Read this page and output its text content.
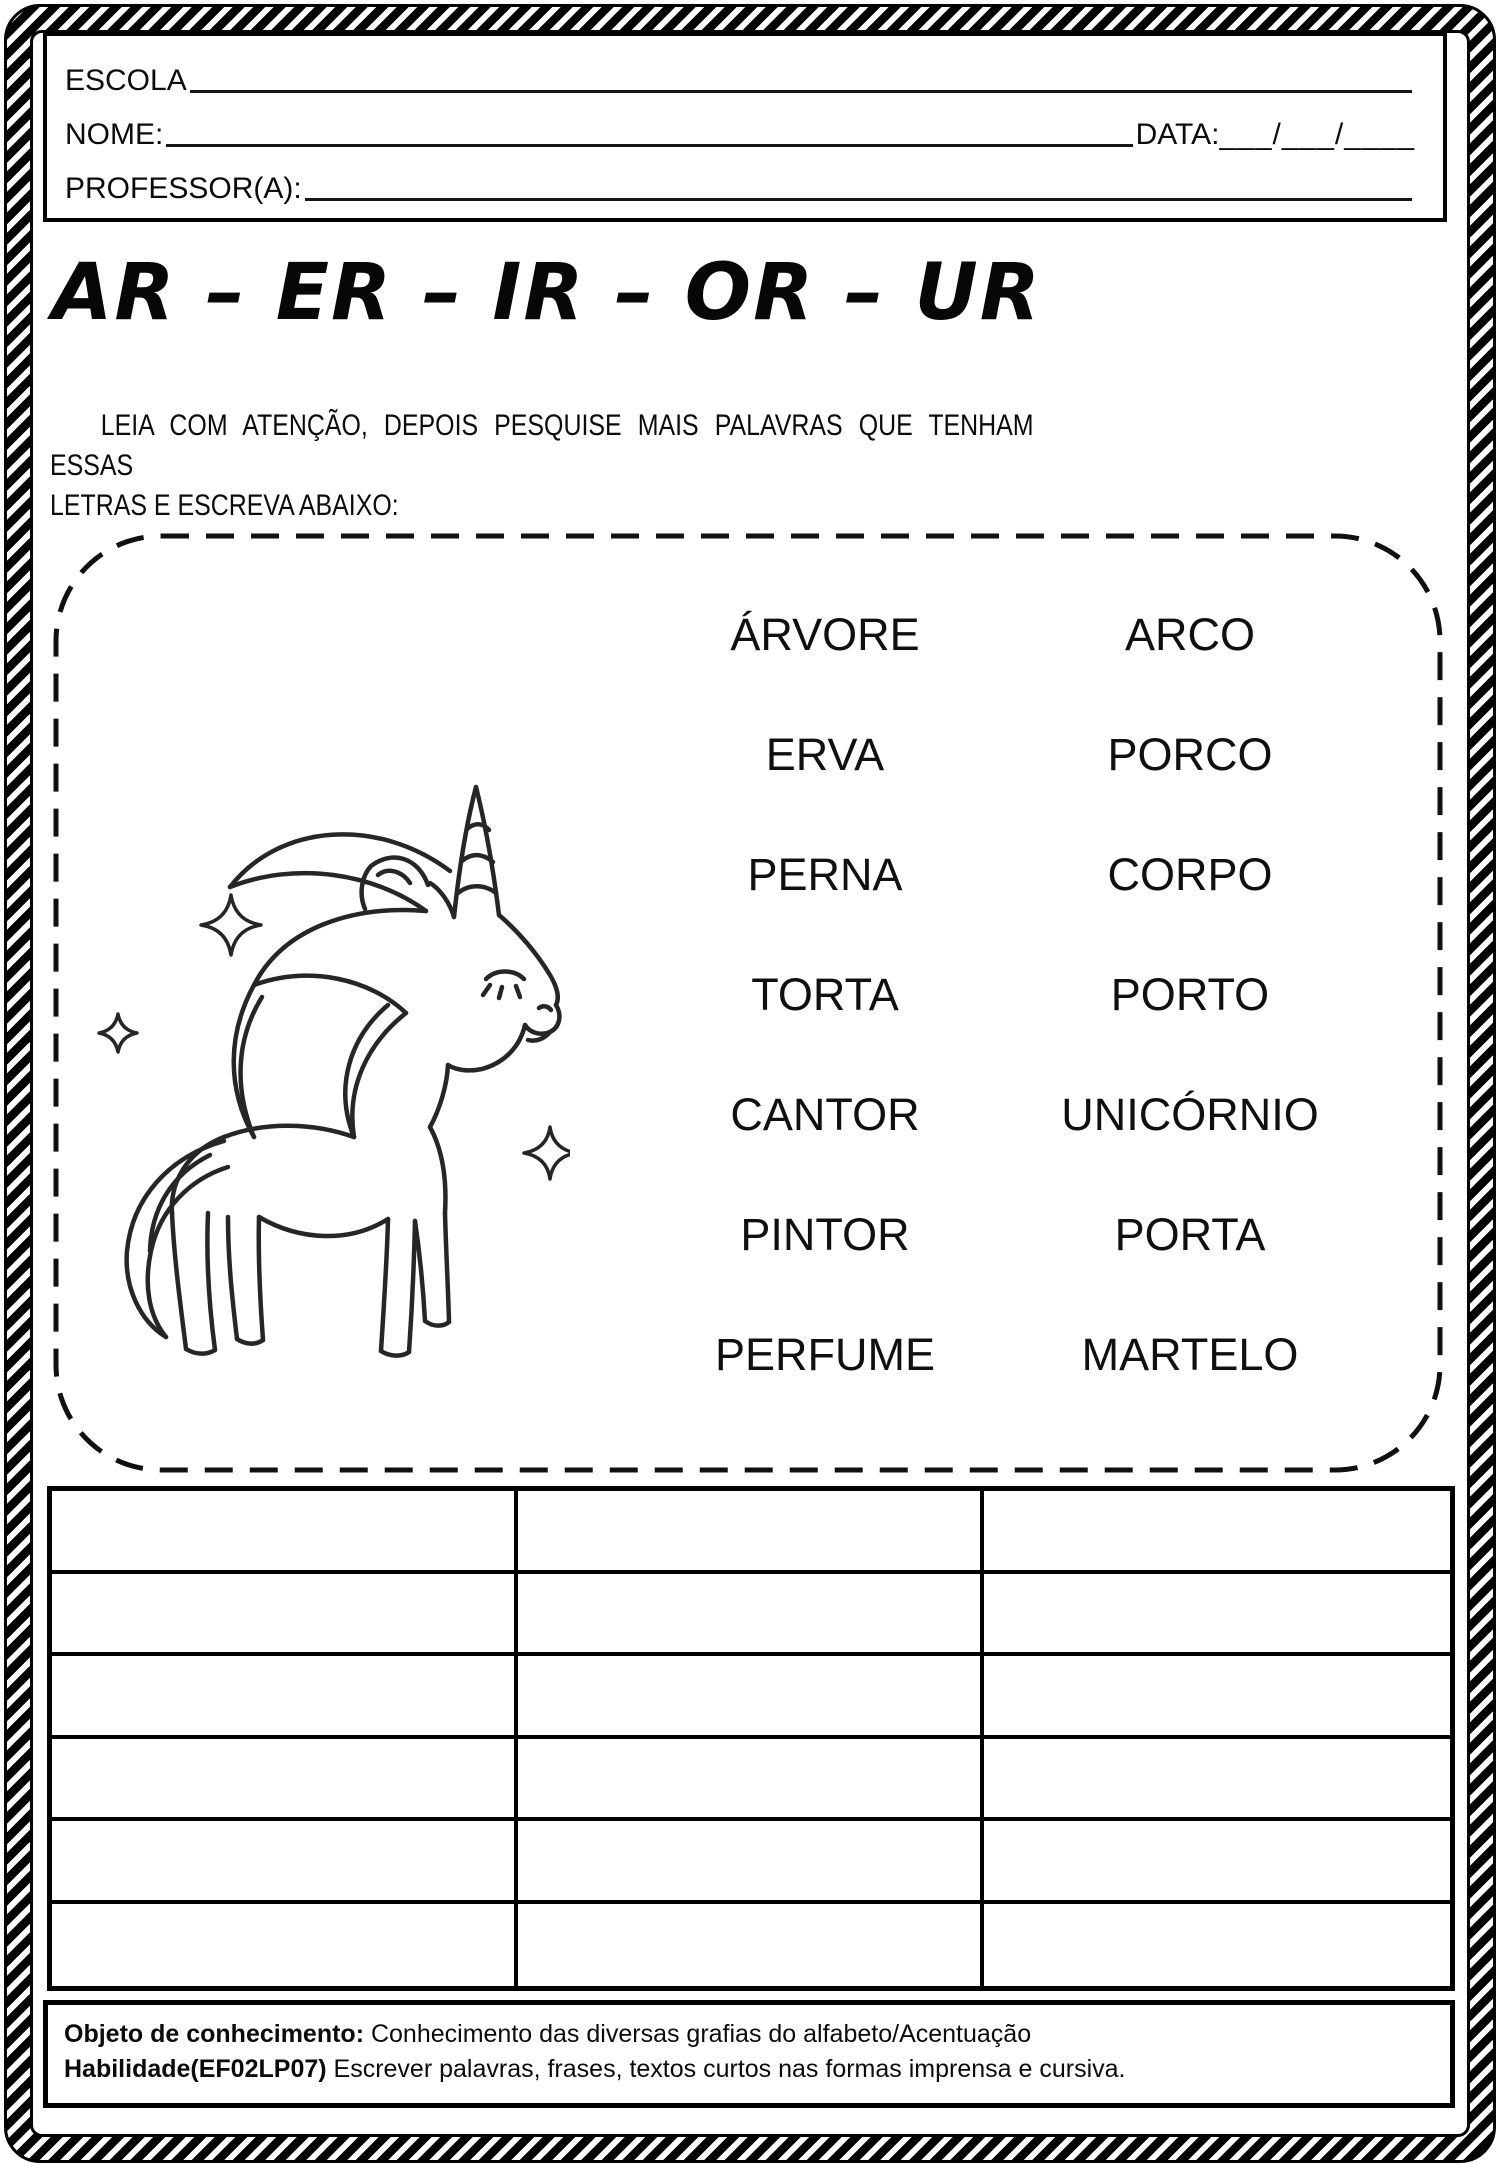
ESCOLA
NOME:	DATA: ___/___/____
PROFESSOR(A):
AR – ER – IR – OR – UR
LEIA COM ATENÇÃO, DEPOIS PESQUISE MAIS PALAVRAS QUE TENHAM ESSAS
LETRAS E ESCREVA ABAIXO:
ÁRVORE
ERVA
PERNA
TORTA
CANTOR
PINTOR
PERFUME
ARCO
PORCO
CORPO
PORTO
UNICÓRNIO
PORTA
MARTELO
Objeto de conhecimento: Conhecimento das diversas grafias do alfabeto/Acentuação
Habilidade(EF02LP07) Escrever palavras, frases, textos curtos nas formas imprensa e cursiva.
